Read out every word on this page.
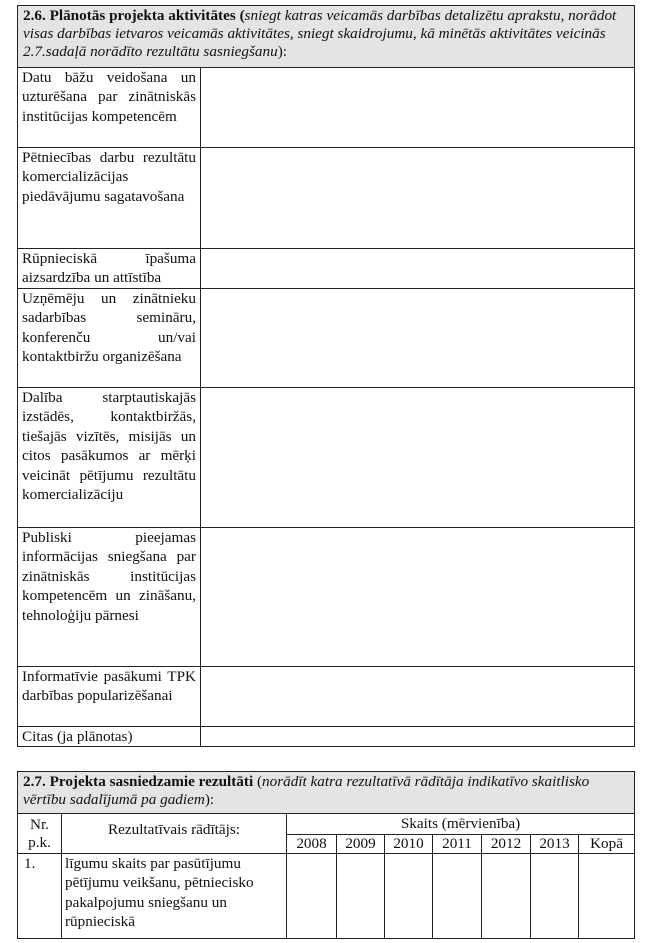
2.6. Plānotās projekta aktivitātes (sniegt katras veicamās darbības detalizētu aprakstu, norādot visas darbības ietvaros veicamās aktivitātes, sniegt skaidrojumu, kā minētās aktivitātes veicinās 2.7.sadaļā norādīto rezultātu sasniegšanu):	
Datu bāžu veidošana un uzturēšana par zinātniskās institūcijas kompetencēm	
Pētniecības darbu rezultātu komercializācijas piedāvājumu sagatavošana	
Rūpnieciskā īpašuma aizsardzība un attīstība	
Uzņēmēju un zinātnieku sadarbības semināru, konferenču un/vai kontaktbiržu organizēšana	
Dalība starptautiskajās izstādēs, kontaktbiržās, tiešajās vizītēs, misijās un citos pasākumos ar mērķi veicināt pētījumu rezultātu komercializāciju	
Publiski pieejamas informācijas sniegšana par zinātniskās institūcijas kompetencēm un zināšanu, tehnoloģiju pārnesi	
Informatīvie pasākumi TPK darbības popularizēšanai	
Citas (ja plānotas)	
2.7. Projekta sasniedzamie rezultāti (norādīt katra rezultatīvā rādītāja indikatīvo skaitlisko vērtību sadalījumā pa gadiem):								
Nr. p.k.	Rezultatīvais rādītājs:	Skaits (mērvienība)						
		2008	2009	2010	2011	2012	2013	Kopā
1.	līgumu skaits par pasūtījumu pētījumu veikšanu, pētniecisko pakalpojumu sniegšanu un rūpnieciskā							
